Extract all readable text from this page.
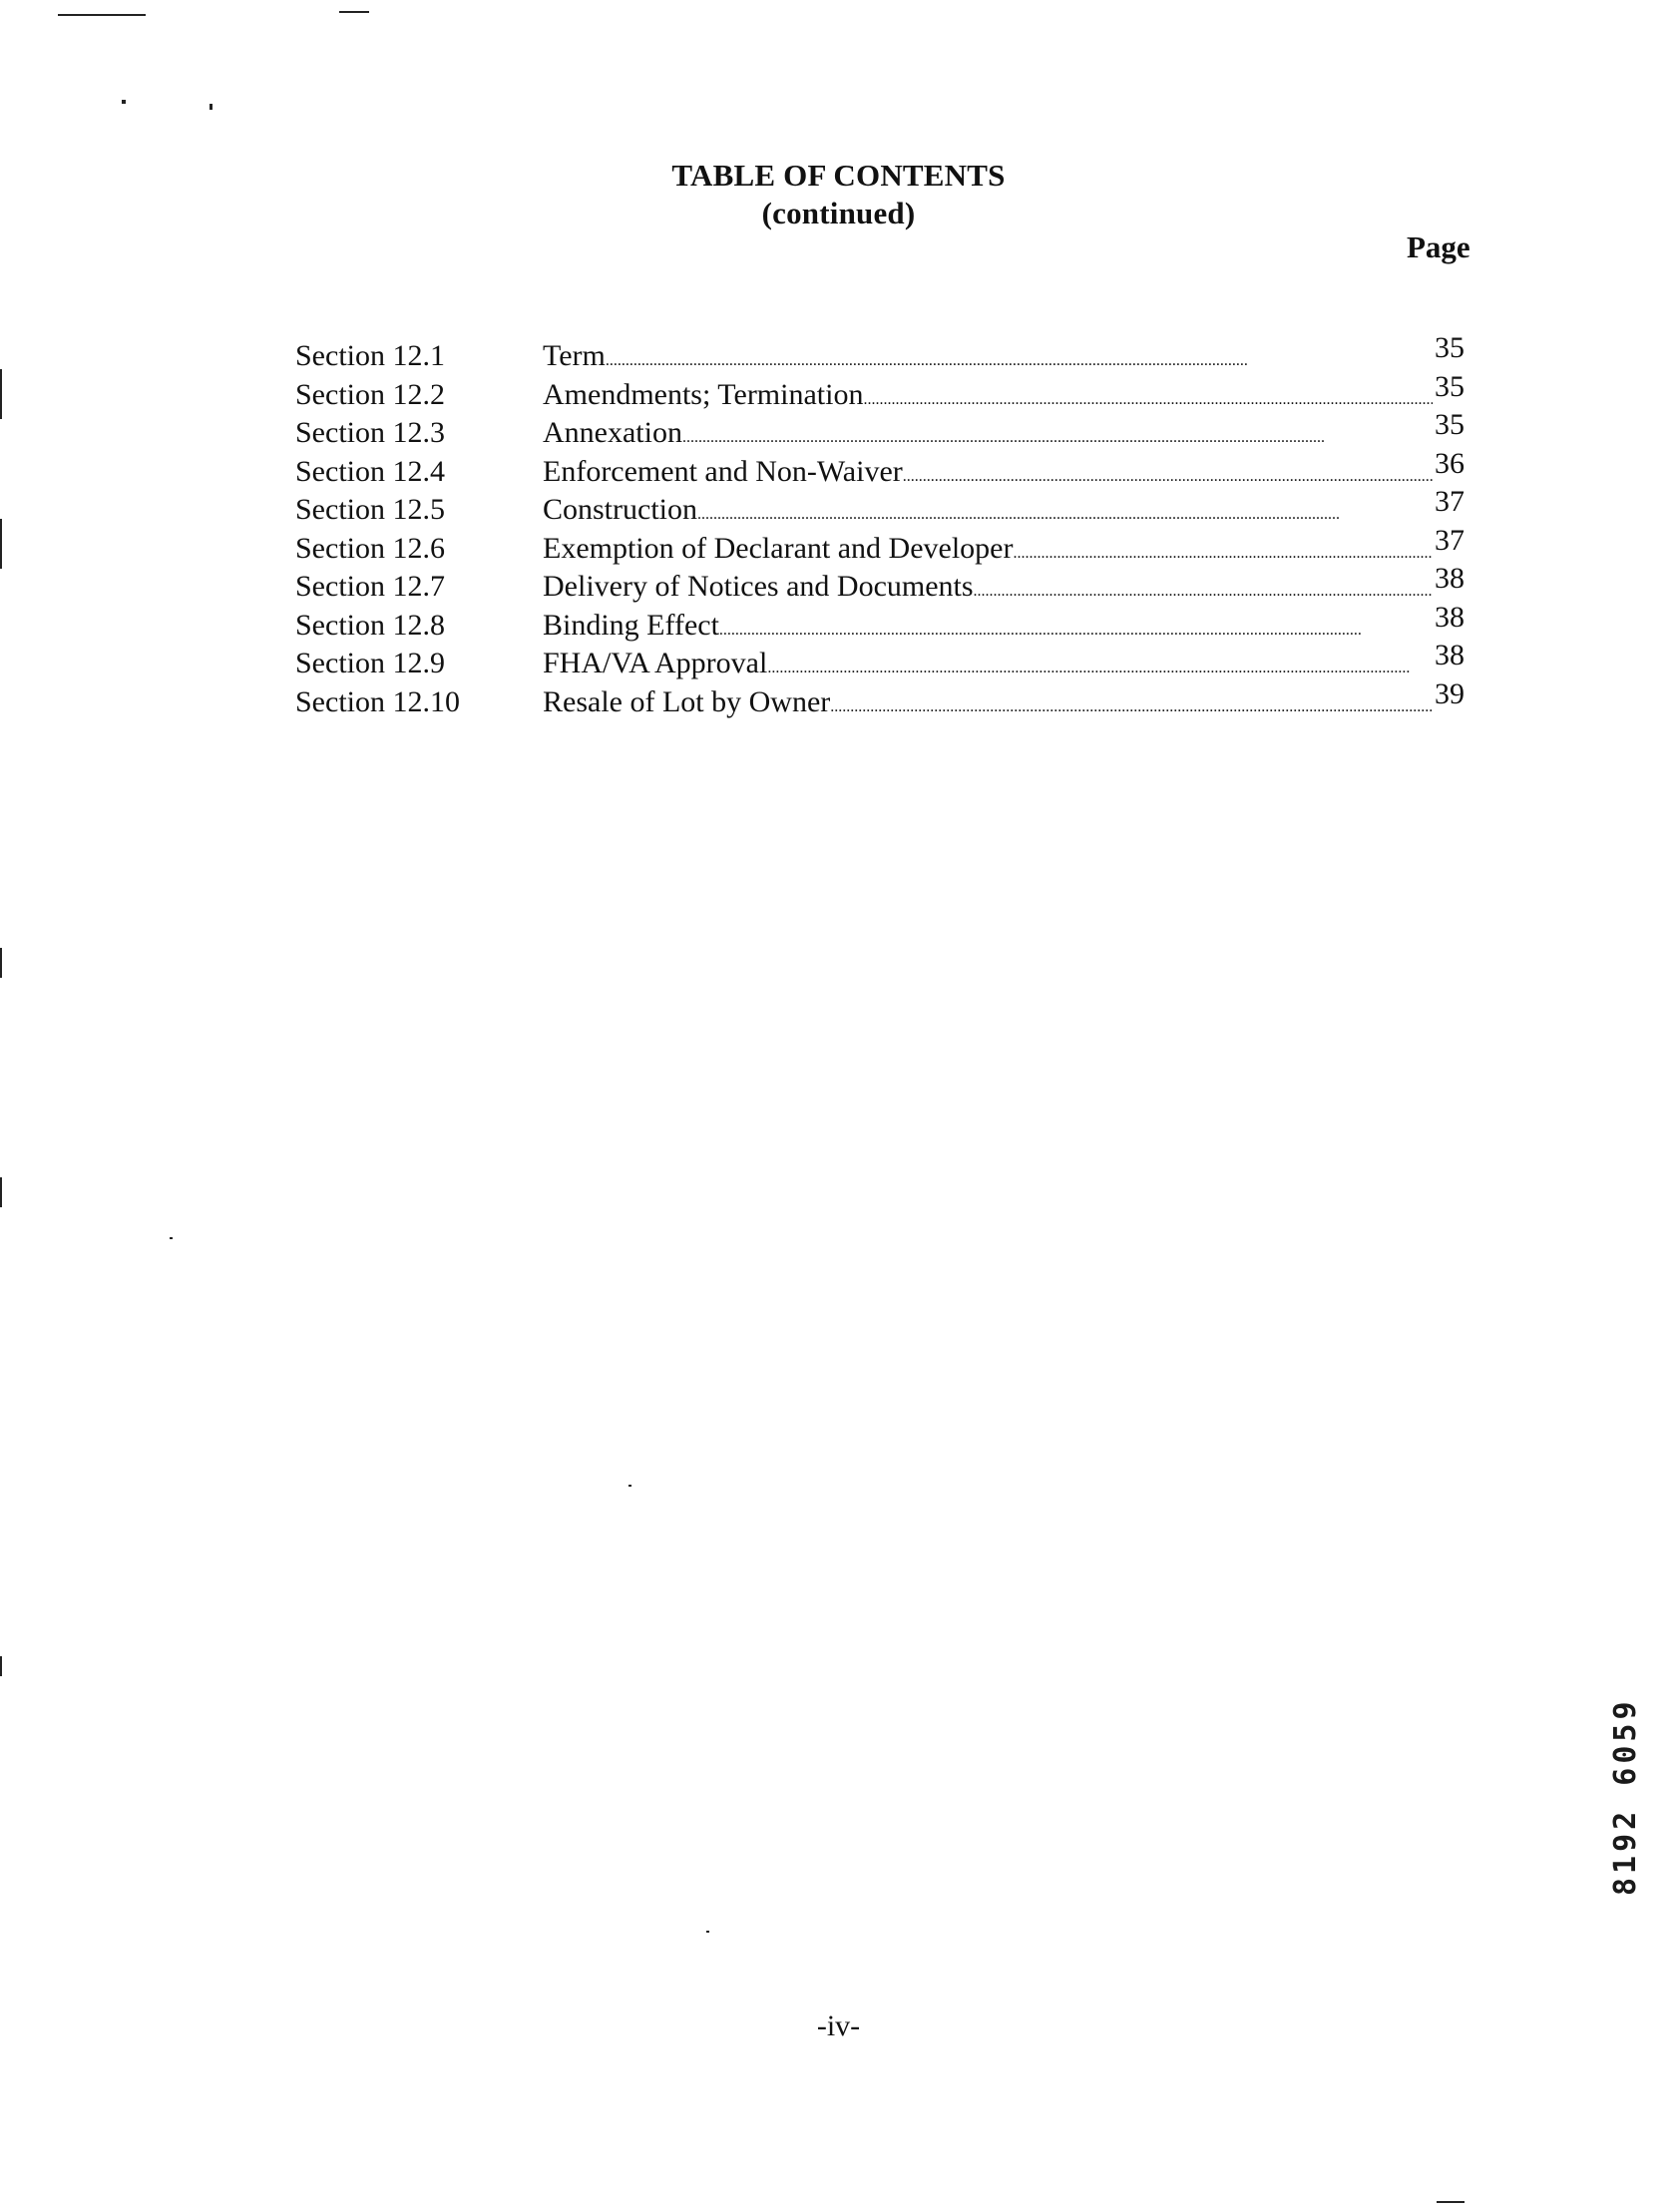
TABLE OF CONTENTS
(continued)
Page
Section 12.1	Term . . .	35
Section 12.2	Amendments; Termination . . .	35
Section 12.3	Annexation . . .	35
Section 12.4	Enforcement and Non-Waiver . . .	36
Section 12.5	Construction . . .	37
Section 12.6	Exemption of Declarant and Developer . . .	37
Section 12.7	Delivery of Notices and Documents . . .	38
Section 12.8	Binding Effect . . .	38
Section 12.9	FHA/VA Approval . . .	38
Section 12.10	Resale of Lot by Owner . . .	39
-iv-
8192 6059
